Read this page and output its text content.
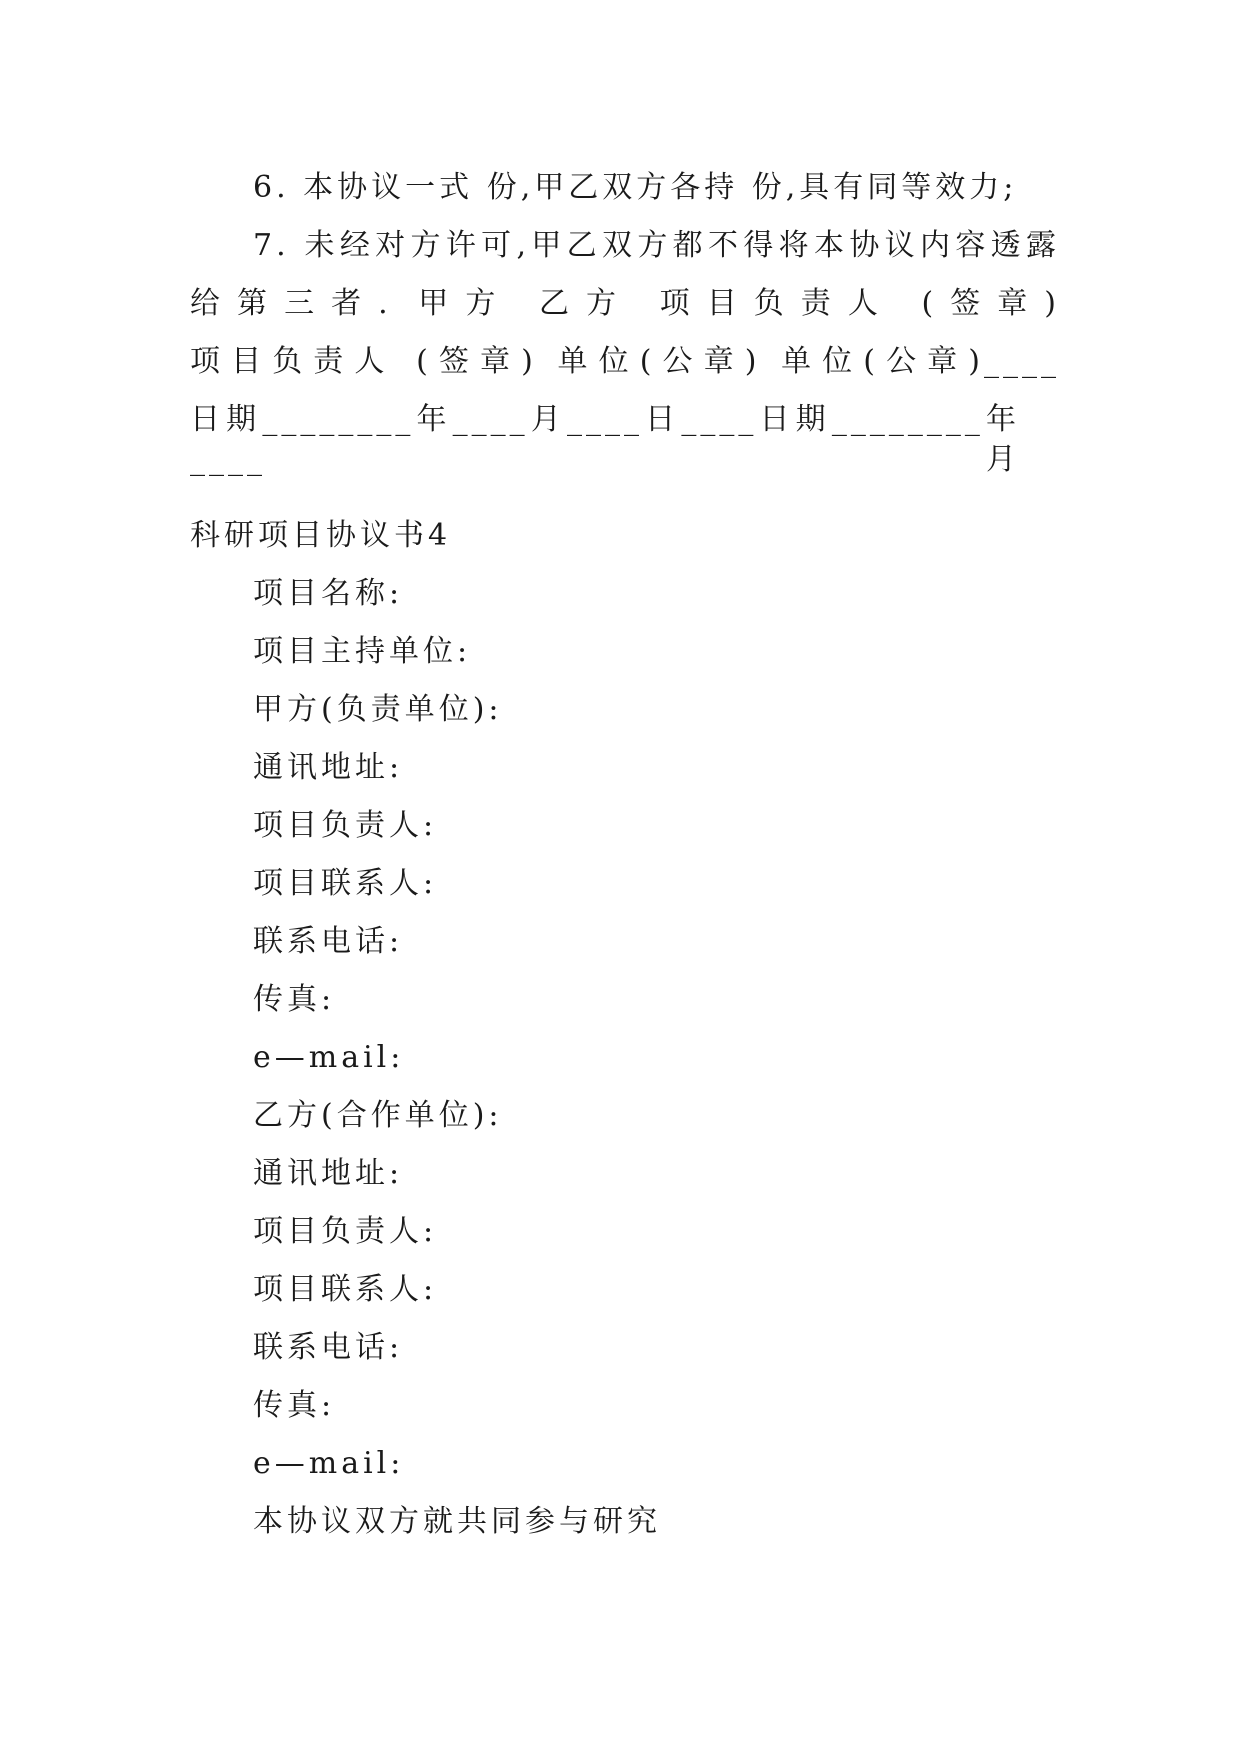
6. 本协议一式 份,甲乙双方各持 份,具有同等效力;
7. 未经对方许可,甲乙双方都不得将本协议内容透露
给第三者. 甲方 乙方 项目负责人 (签章)
项目负责人 (签章) 单位(公章) 单位(公章)____
日期________年____月____日____日期________年____月
科研项目协议书4
项目名称:
项目主持单位:
甲方(负责单位):
通讯地址:
项目负责人:
项目联系人:
联系电话:
传真:
e—mail:
乙方(合作单位):
通讯地址:
项目负责人:
项目联系人:
联系电话:
传真:
e—mail:
本协议双方就共同参与研究
